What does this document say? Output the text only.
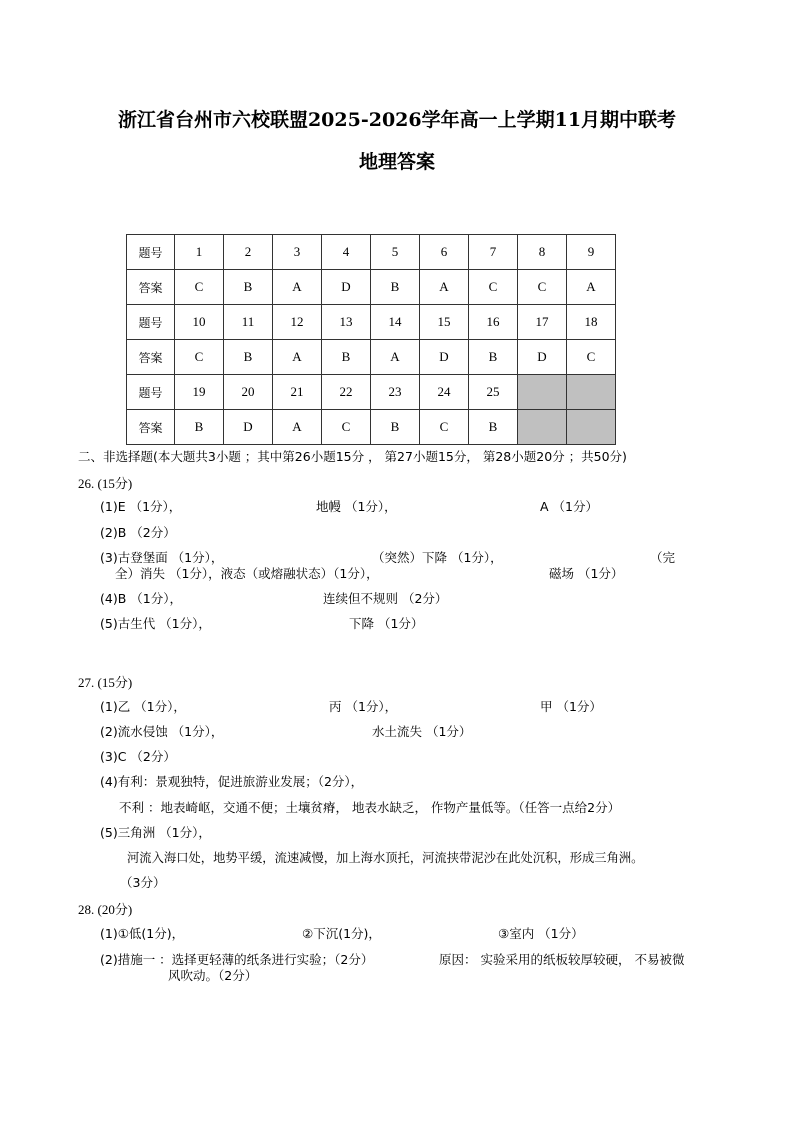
浙江省台州市六校联盟2025-2026学年高一上学期11月期中联考
地理答案
题号	1	2	3	4	5	6	7	8	9
答案	C	B	A	D	B	A	C	C	A
题号	10	11	12	13	14	15	16	17	18
答案	C	B	A	B	A	D	B	D	C
题号	19	20	21	22	23	24	25		
答案	B	D	A	C	B	C	B		
二、非选择题(本大题共3小题 ；其中第26小题15分 ， 第27小题15分， 第28小题20分 ；共50分)
26. (15分)
(1)E （1分），	地幔 （1分），	A （1分）
(2)B （2分）
(3)古登堡面 （1分），	（突然）下降 （1分），	（完
全）消失 （1分），液态（或熔融状态）（1分），	磁场 （1分）
(4)B （1分），	连续但不规则 （2分）
(5)古生代 （1分），	下降 （1分）
27. (15分)
(1)乙 （1分），	丙 （1分），	甲 （1分）
(2)流水侵蚀 （1分），	水土流失 （1分）
(3)C （2分）
(4)有利：景观独特，促进旅游业发展；（2分），
不利 ：地表崎岖，交通不便；土壤贫瘠， 地表水缺乏， 作物产量低等。（任答一点给2分）
(5)三角洲 （1分），
河流入海口处，地势平缓，流速减慢，加上海水顶托，河流挟带泥沙在此处沉积，形成三角洲。
（3分）
28. (20分)
(1)①低(1分)，	②下沉(1分)，	③室内 （1分）
(2)措施一 ：选择更轻薄的纸条进行实验；（2分）	原因： 实验采用的纸板较厚较硬， 不易被微
风吹动。（2分）
